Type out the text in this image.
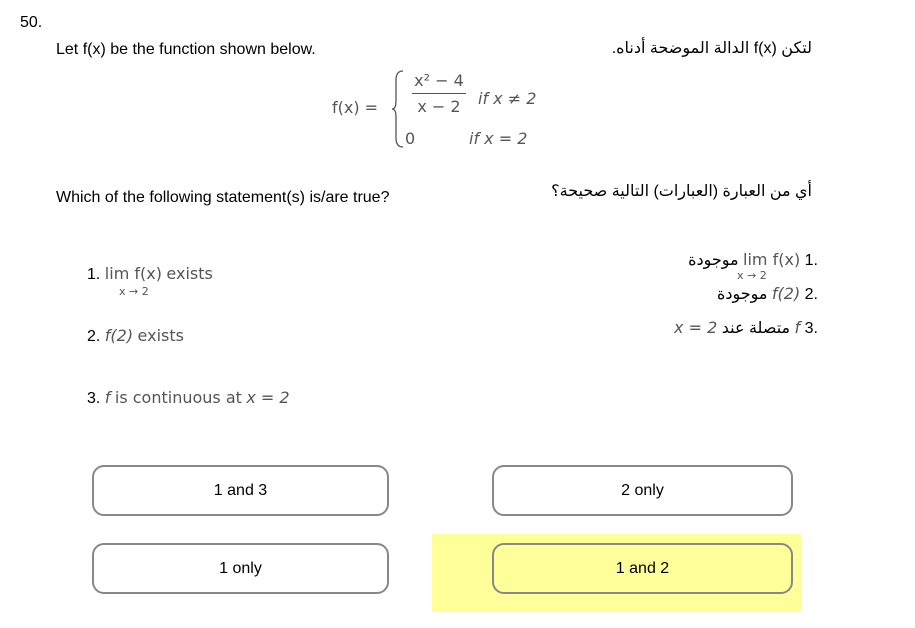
50.
Let f(x) be the function shown below.	لتكن f(x) الدالة الموضحة أدناه.
f(x) =
x² − 4
x − 2	if x ≠ 2
0	if x = 2
Which of the following statement(s) is/are true?	أي من العبارة (العبارات) التالية صحيحة؟
1. lim f(x) exists
x → 2
2. f(2) exists
3. f is continuous at x = 2
.1 lim f(x) موجودة
x → 2
.2 f(2) موجودة
.3 f متصلة عند x = 2
1 and 3	2 only
1 only	1 and 2
